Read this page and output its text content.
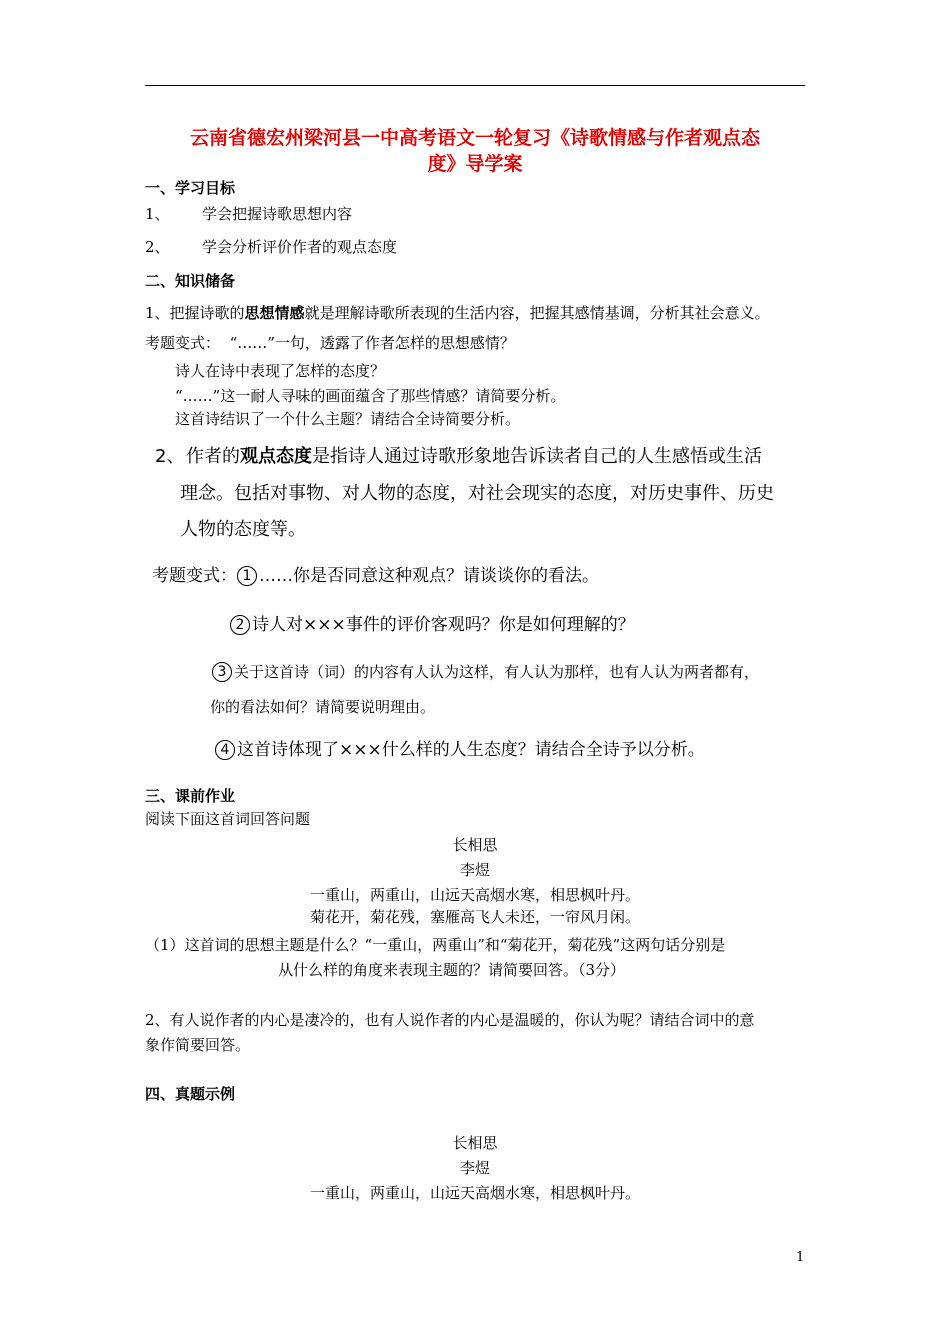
云南省德宏州梁河县一中高考语文一轮复习《诗歌情感与作者观点态
度》导学案
一、学习目标
1、 学会把握诗歌思想内容
2、 学会分析评价作者的观点态度
二、知识储备
1、把握诗歌的思想情感就是理解诗歌所表现的生活内容，把握其感情基调，分析其社会意义。
考题变式： “……”一句，透露了作者怎样的思想感情？
诗人在诗中表现了怎样的态度？
“……”这一耐人寻味的画面蕴含了那些情感？请简要分析。
这首诗结识了一个什么主题？请结合全诗简要分析。
2、 作者的观点态度是指诗人通过诗歌形象地告诉读者自己的人生感悟或生活
理念。包括对事物、对人物的态度，对社会现实的态度，对历史事件、历史
人物的态度等。
考题变式： 1 ……你是否同意这种观点？请谈谈你的看法。
2 诗人对×××事件的评价客观吗？你是如何理解的？
3 关于这首诗（词）的内容有人认为这样，有人认为那样，也有人认为两者都有，
你的看法如何？请简要说明理由。
4 这首诗体现了×××什么样的人生态度？请结合全诗予以分析。
三、课前作业
阅读下面这首词回答问题
长相思
李煜
一重山，两重山，山远天高烟水寒，相思枫叶丹。
菊花开，菊花残，塞雁高飞人未还，一帘风月闲。
（1）这首词的思想主题是什么？“一重山，两重山”和“菊花开，菊花残”这两句话分别是
从什么样的角度来表现主题的？请简要回答。（3分）
2、有人说作者的内心是凄冷的，也有人说作者的内心是温暖的，你认为呢？请结合词中的意
象作简要回答。
四、真题示例
长相思
李煜
一重山，两重山，山远天高烟水寒，相思枫叶丹。
1
